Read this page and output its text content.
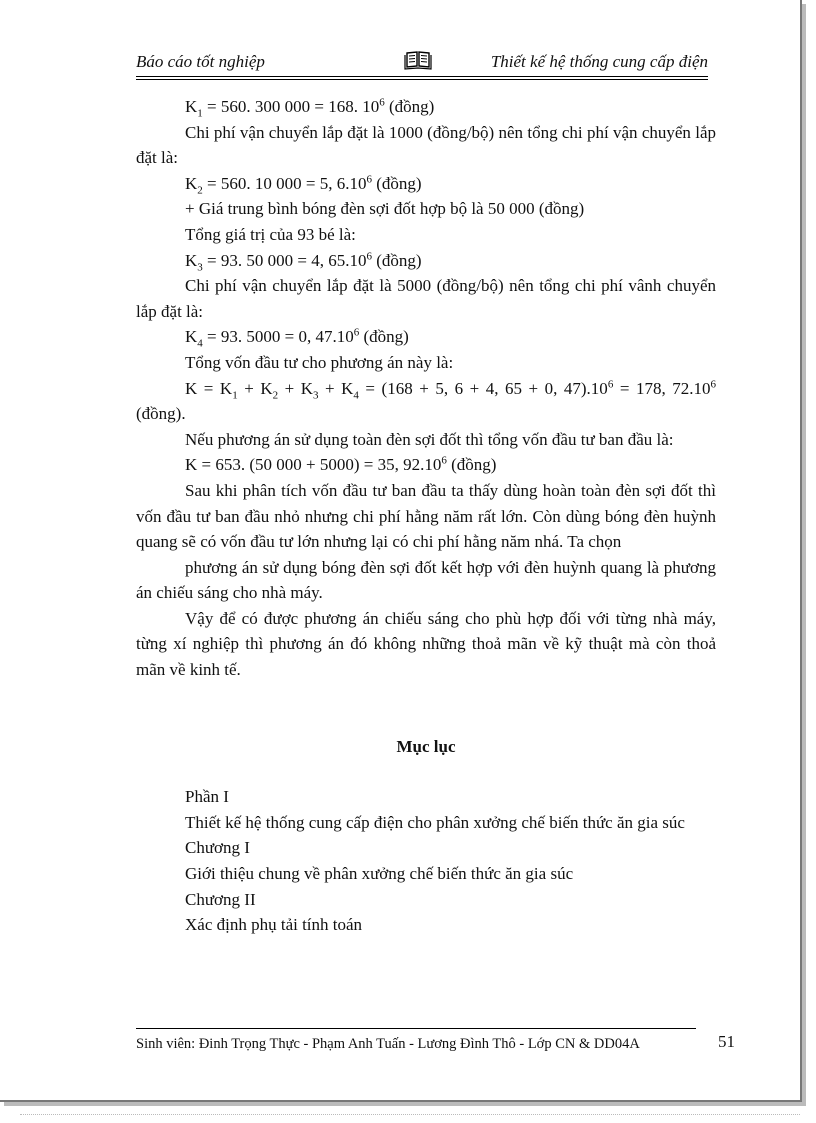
Báo cáo tốt nghiệp	Thiết kế hệ thống cung cấp điện

$K_1 = 560$. 300 000 = 168. $10^6$ (đồng)

Chi phí vận chuyển lắp đặt là 1000 (đồng/bộ) nên tổng chi phí vận chuyển lắp đặt là:

$K_2 = 560$. 10 000 = 5, 6.10$^6$ (đồng)

+ Giá trung bình bóng đèn sợi đốt hợp bộ là 50 000 (đồng)

Tổng giá trị của 93 bé là:

$K_3 = 93$. 50 000 = 4, 65.10$^6$ (đồng)

Chi phí vận chuyển lắp đặt là 5000 (đồng/bộ) nên tổng chi phí vânh chuyển lắp đặt là:

$K_4 = 93$. 5000 = 0, 47.10$^6$ (đồng)

Tổng vốn đầu tư cho phương án này là:

$K = K_1 + K_2 + K_3 + K_4 = (168 + 5$, 6 + 4, 65 + 0, $47).10^6 = 178$, 72.10$^6$ (đồng).

Nếu phương án sử dụng toàn đèn sợi đốt thì tổng vốn đầu tư ban đầu là:

K = 653. (50 000 + 5000) = 35, 92.10$^6$ (đồng)

Sau khi phân tích vốn đầu tư ban đầu ta thấy dùng hoàn toàn đèn sợi đốt thì vốn đầu tư ban đầu nhỏ nhưng chi phí hằng năm rất lớn. Còn dùng bóng đèn huỳnh quang sẽ có vốn đầu tư lớn nhưng lại có chi phí hằng năm nhá. Ta chọn

phương án sử dụng bóng đèn sợi đốt kết hợp với đèn huỳnh quang là phương án chiếu sáng cho nhà máy.

Vậy để có được phương án chiếu sáng cho phù hợp đối với từng nhà máy, từng xí nghiệp thì phương án đó không những thoả mãn về kỹ thuật mà còn thoả mãn về kinh tế.

Mục lục

Phần I

Thiết kế hệ thống cung cấp điện cho phân xưởng chế biến thức ăn gia súc

Chương I

Giới thiệu chung về phân xưởng chế biến thức ăn gia súc

Chương II

Xác định phụ tải tính toán

Sinh viên: Đinh Trọng Thực - Phạm Anh Tuấn - Lương Đình Thô - Lớp CN & DD04A	51
